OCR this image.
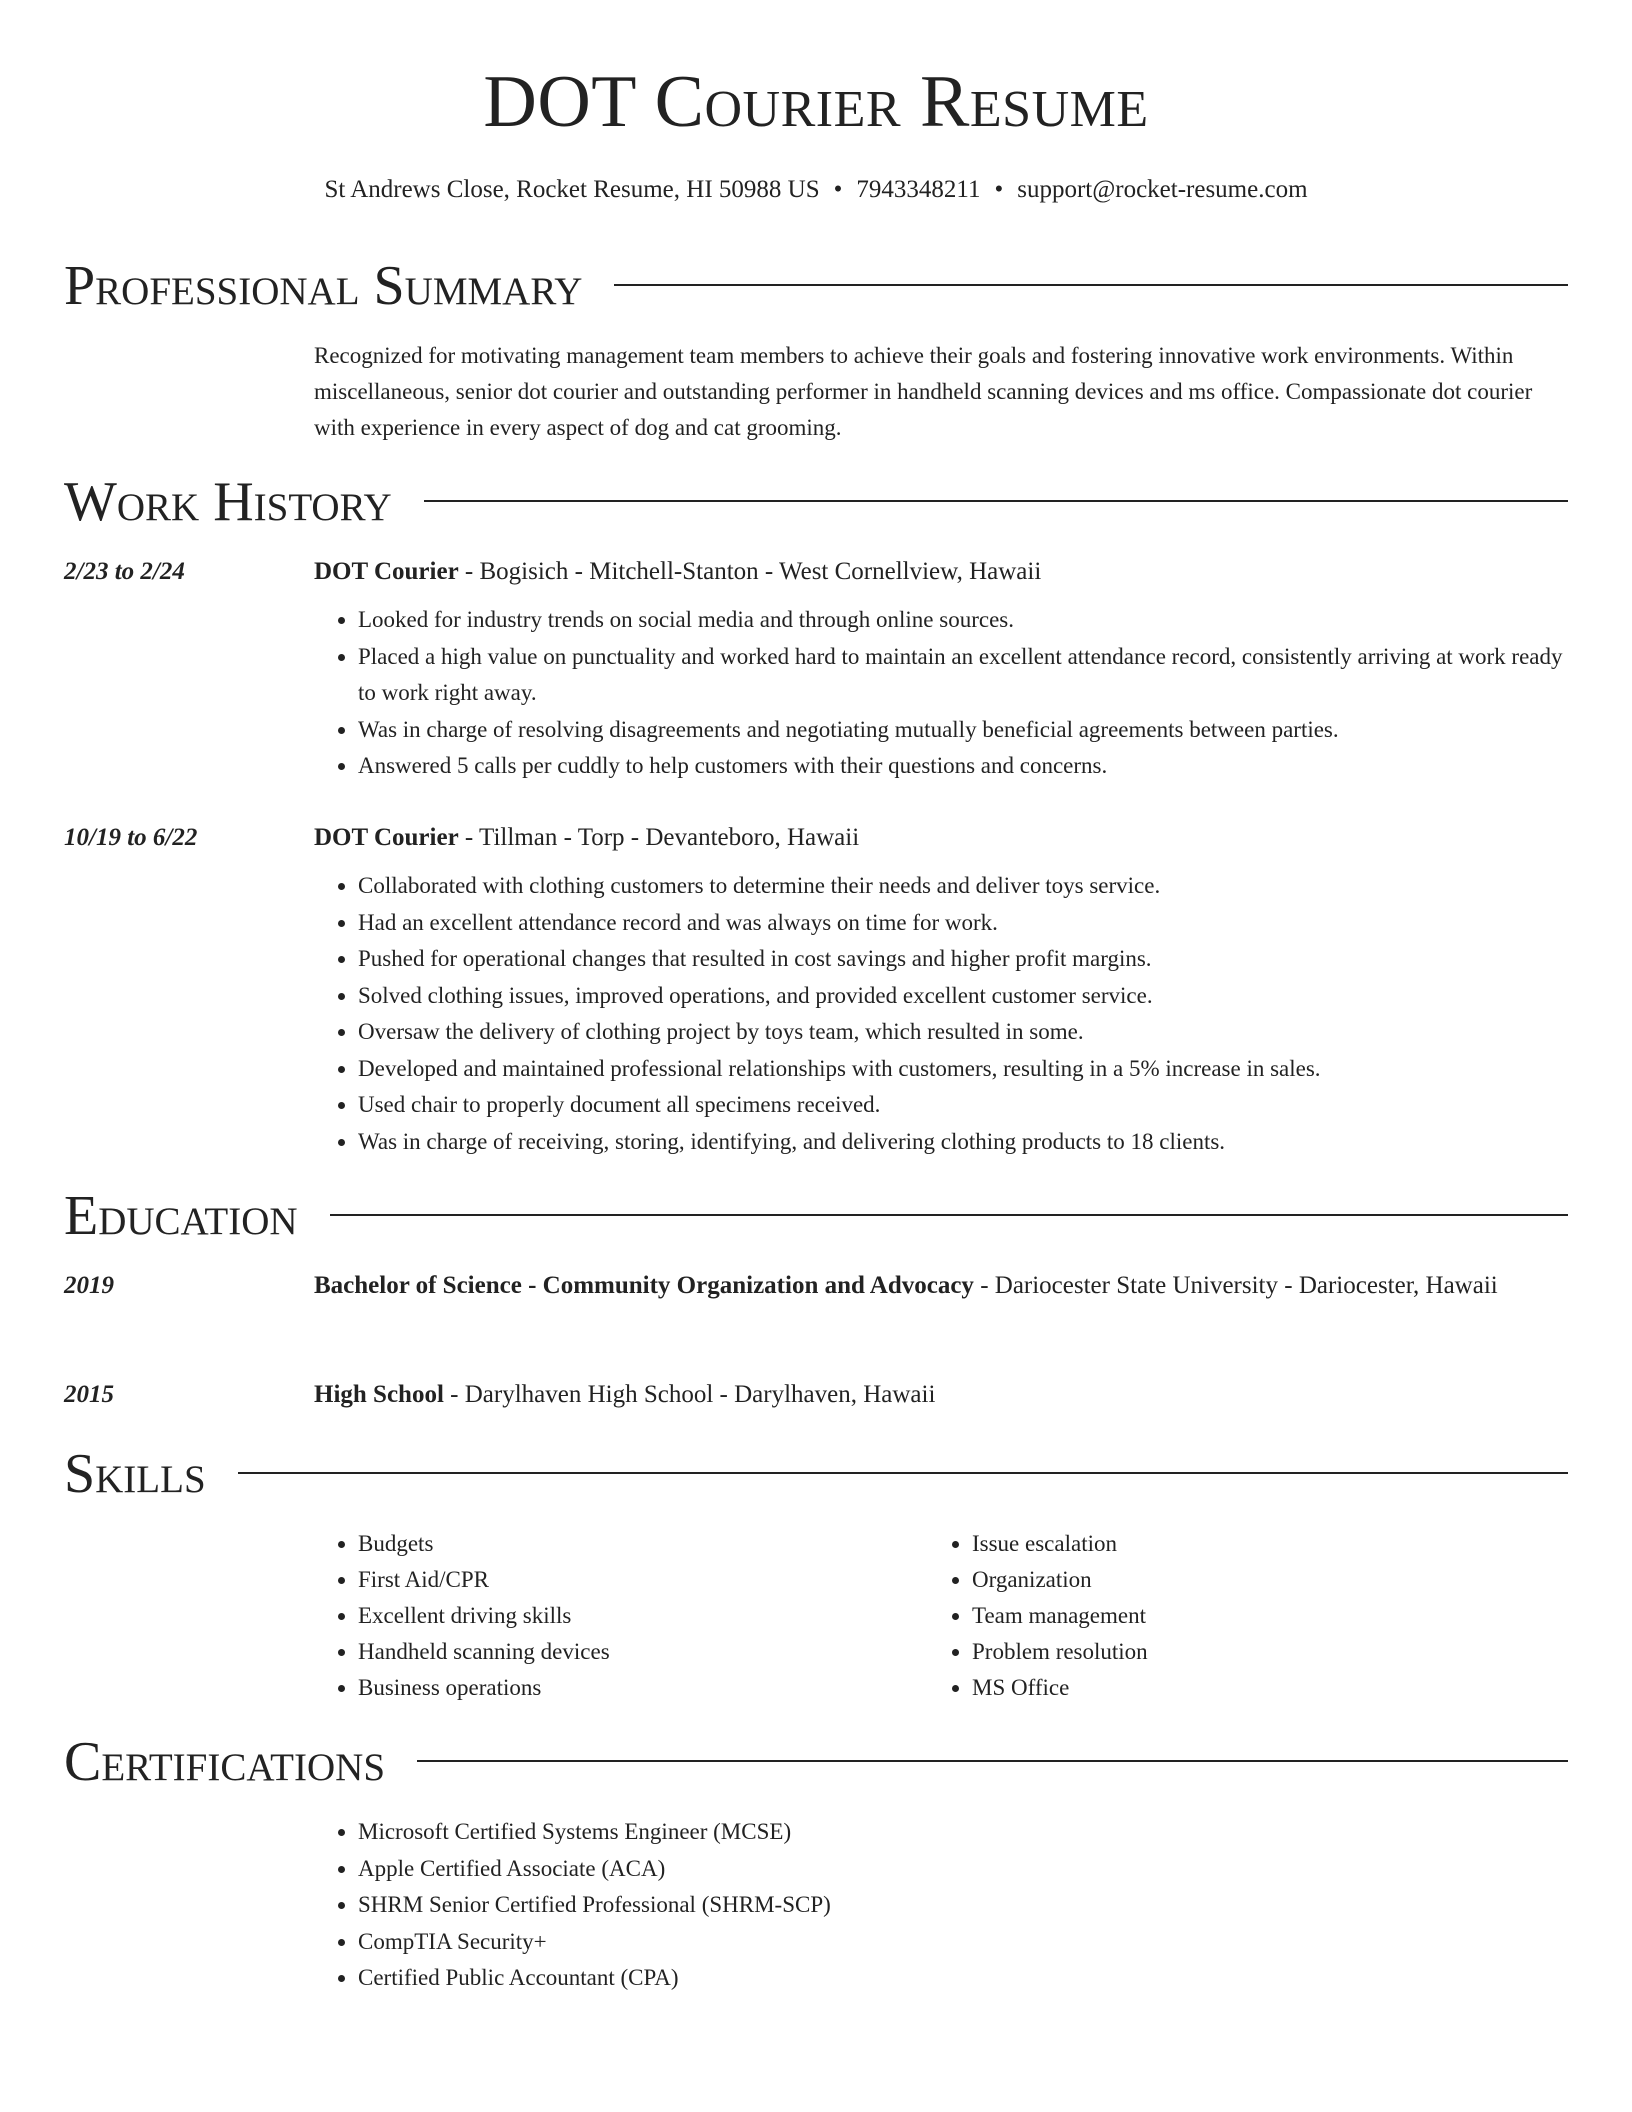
DOT Courier Resume
St Andrews Close, Rocket Resume, HI 50988 US • 7943348211 • support@rocket-resume.com
Professional Summary
Recognized for motivating management team members to achieve their goals and fostering innovative work environments. Within miscellaneous, senior dot courier and outstanding performer in handheld scanning devices and ms office. Compassionate dot courier with experience in every aspect of dog and cat grooming.
Work History
2/23 to 2/24	DOT Courier - Bogisich - Mitchell-Stanton - West Cornellview, Hawaii
• Looked for industry trends on social media and through online sources.
• Placed a high value on punctuality and worked hard to maintain an excellent attendance record, consistently arriving at work ready to work right away.
• Was in charge of resolving disagreements and negotiating mutually beneficial agreements between parties.
• Answered 5 calls per cuddly to help customers with their questions and concerns.
10/19 to 6/22	DOT Courier - Tillman - Torp - Devanteboro, Hawaii
• Collaborated with clothing customers to determine their needs and deliver toys service.
• Had an excellent attendance record and was always on time for work.
• Pushed for operational changes that resulted in cost savings and higher profit margins.
• Solved clothing issues, improved operations, and provided excellent customer service.
• Oversaw the delivery of clothing project by toys team, which resulted in some.
• Developed and maintained professional relationships with customers, resulting in a 5% increase in sales.
• Used chair to properly document all specimens received.
• Was in charge of receiving, storing, identifying, and delivering clothing products to 18 clients.
Education
2019	Bachelor of Science - Community Organization and Advocacy - Dariocester State University - Dariocester, Hawaii
2015	High School - Darylhaven High School - Darylhaven, Hawaii
Skills
• Budgets
• First Aid/CPR
• Excellent driving skills
• Handheld scanning devices
• Business operations
• Issue escalation
• Organization
• Team management
• Problem resolution
• MS Office
Certifications
• Microsoft Certified Systems Engineer (MCSE)
• Apple Certified Associate (ACA)
• SHRM Senior Certified Professional (SHRM-SCP)
• CompTIA Security+
• Certified Public Accountant (CPA)
